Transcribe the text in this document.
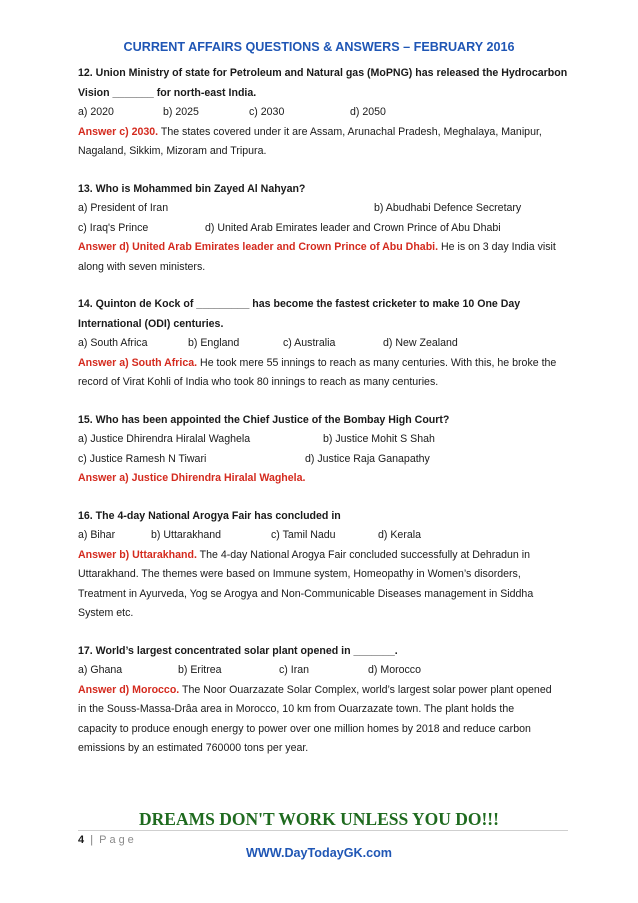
CURRENT AFFAIRS QUESTIONS & ANSWERS – FEBRUARY 2016
12. Union Ministry of state for Petroleum and Natural gas (MoPNG) has released the Hydrocarbon
Vision _______ for north-east India.
a) 2020	b) 2025	c) 2030	d) 2050
Answer c) 2030. The states covered under it are Assam, Arunachal Pradesh, Meghalaya, Manipur,
Nagaland, Sikkim, Mizoram and Tripura.
13. Who is Mohammed bin Zayed Al Nahyan?
a) President of Iran	b) Abudhabi Defence Secretary
c) Iraq's Prince	d) United Arab Emirates leader and Crown Prince of Abu Dhabi
Answer d) United Arab Emirates leader and Crown Prince of Abu Dhabi. He is on 3 day India visit
along with seven ministers.
14. Quinton de Kock of _________ has become the fastest cricketer to make 10 One Day
International (ODI) centuries.
a) South Africa	b) England	c) Australia	d) New Zealand
Answer a) South Africa. He took mere 55 innings to reach as many centuries. With this, he broke the
record of Virat Kohli of India who took 80 innings to reach as many centuries.
15. Who has been appointed the Chief Justice of the Bombay High Court?
a) Justice Dhirendra Hiralal Waghela	b) Justice Mohit S Shah
c) Justice Ramesh N Tiwari	d) Justice Raja Ganapathy
Answer a) Justice Dhirendra Hiralal Waghela.
16. The 4-day National Arogya Fair has concluded in
a) Bihar	b) Uttarakhand	c) Tamil Nadu	d) Kerala
Answer b) Uttarakhand. The 4-day National Arogya Fair concluded successfully at Dehradun in
Uttarakhand. The themes were based on Immune system, Homeopathy in Women’s disorders,
Treatment in Ayurveda, Yog se Arogya and Non-Communicable Diseases management in Siddha
System etc.
17. World’s largest concentrated solar plant opened in _______.
a) Ghana	b) Eritrea	c) Iran	d) Morocco
Answer d) Morocco. The Noor Ouarzazate Solar Complex, world’s largest solar power plant opened
in the Souss-Massa-Drâa area in Morocco, 10 km from Ouarzazate town. The plant holds the
capacity to produce enough energy to power over one million homes by 2018 and reduce carbon
emissions by an estimated 760000 tons per year.
DREAMS DON'T WORK UNLESS YOU DO!!!
4 | Page
WWW.DayTodayGK.com
